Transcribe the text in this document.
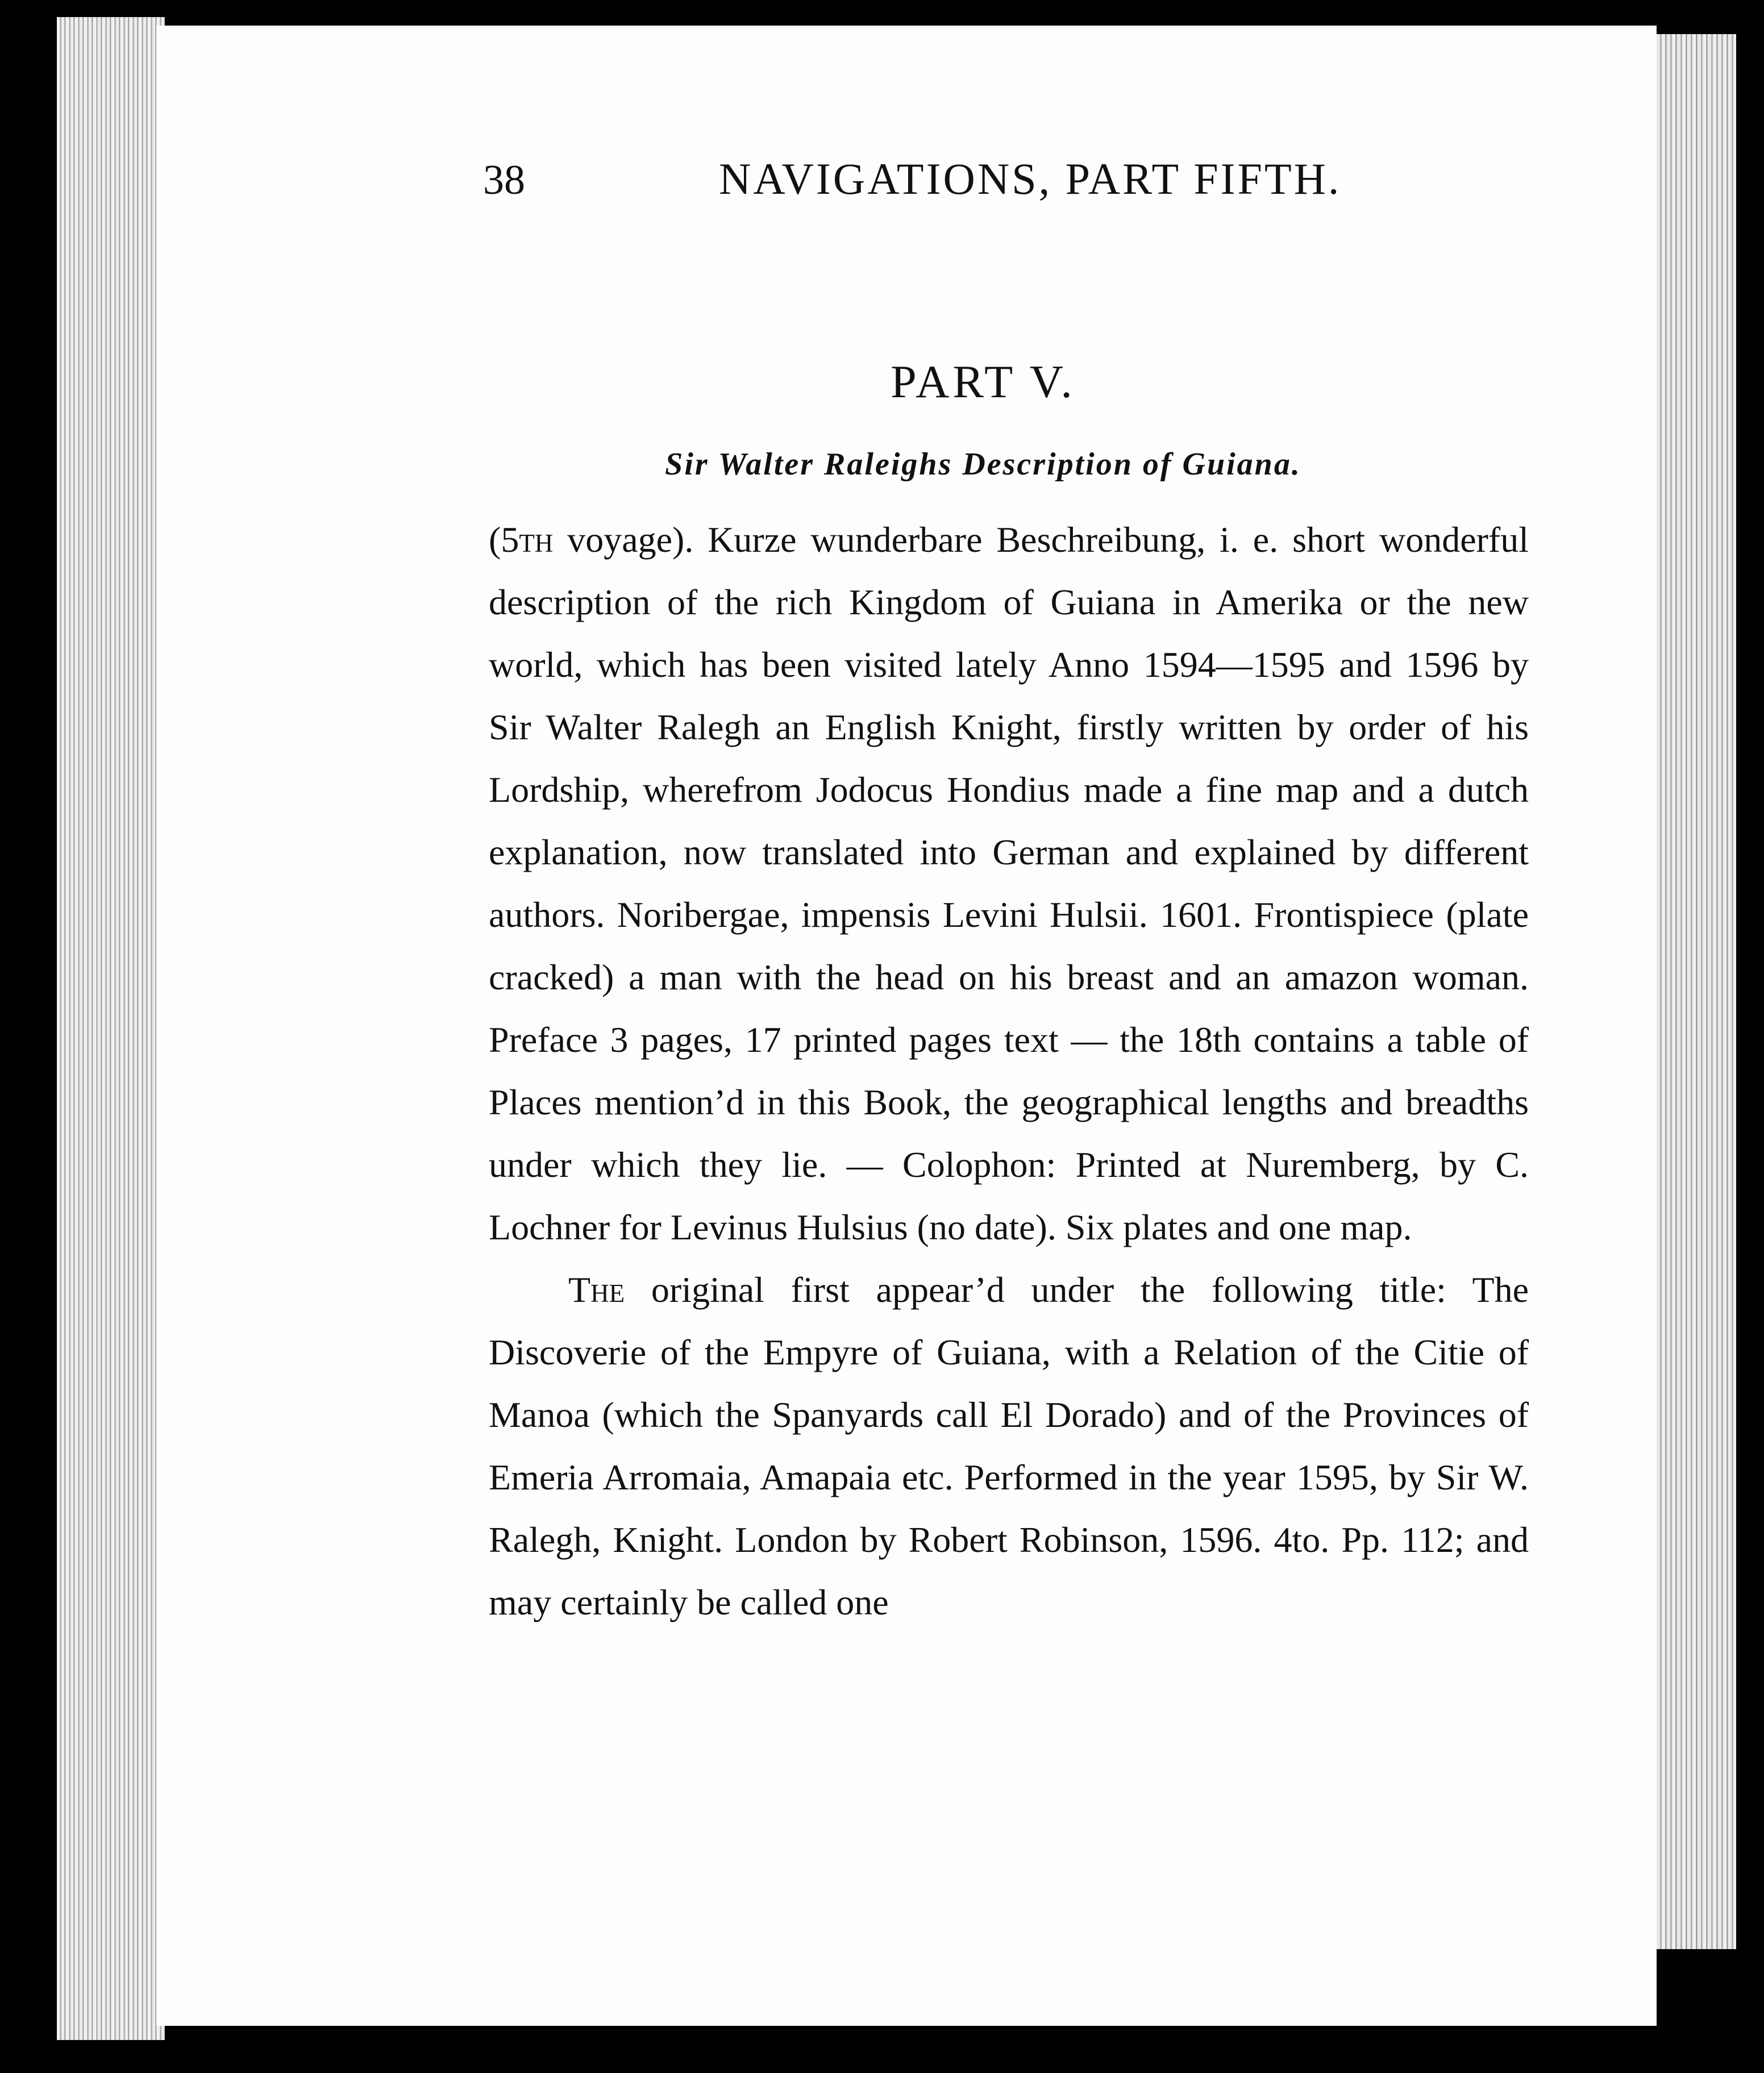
38	NAVIGATIONS, PART FIFTH.
PART V.
Sir Walter Raleighs Description of Guiana.

(5th voyage). Kurze wunderbare Beschreibung, i. e. short wonderful description of the rich Kingdom of Guiana in Amerika or the new world, which has been visited lately Anno 1594—1595 and 1596 by Sir Walter Ralegh an English Knight, firstly written by order of his Lordship, wherefrom Jodocus Hondius made a fine map and a dutch explanation, now translated into German and explained by different authors. Noribergae, impensis Levini Hulsii. 1601. Frontispiece (plate cracked) a man with the head on his breast and an amazon woman. Preface 3 pages, 17 printed pages text — the 18th contains a table of Places mention’d in this Book, the geographical lengths and breadths under which they lie. — Colophon: Printed at Nuremberg, by C. Lochner for Levinus Hulsius (no date). Six plates and one map.

The original first appear’d under the following title: The Discoverie of the Empyre of Guiana, with a Relation of the Citie of Manoa (which the Spanyards call El Dorado) and of the Provinces of Emeria Arromaia, Amapaia etc. Performed in the year 1595, by Sir W. Ralegh, Knight. London by Robert Robinson, 1596. 4to. Pp. 112; and may certainly be called one
